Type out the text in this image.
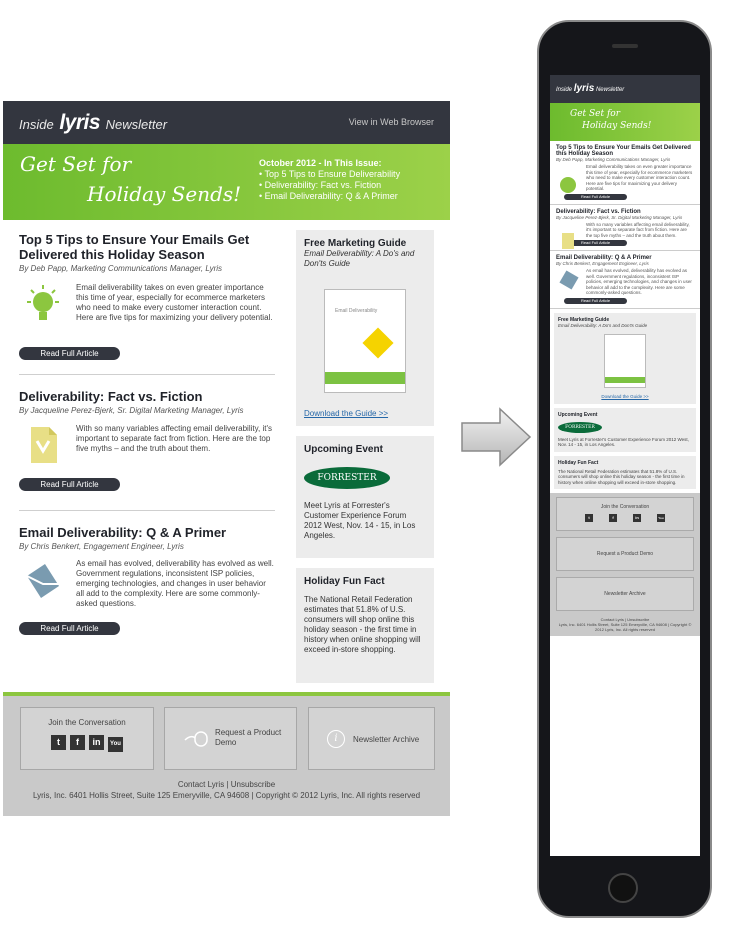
Inside lyris Newsletter	View in Web Browser
Get Set for
Holiday Sends!
October 2012 - In This Issue:
• Top 5 Tips to Ensure Deliverability
• Deliverability: Fact vs. Fiction
• Email Deliverability: Q & A Primer
Top 5 Tips to Ensure Your Emails Get Delivered this Holiday Season
By Deb Papp, Marketing Communications Manager, Lyris
Email deliverability takes on even greater importance this time of year, especially for ecommerce marketers who need to make every customer interaction count. Here are five tips for maximizing your delivery potential.
Read Full Article
Deliverability: Fact vs. Fiction
By Jacqueline Perez-Bjerk, Sr. Digital Marketing Manager, Lyris
With so many variables affecting email deliverability, it's important to separate fact from fiction. Here are the top five myths – and the truth about them.
Read Full Article
Email Deliverability: Q & A Primer
By Chris Benkert, Engagement Engineer, Lyris
As email has evolved, deliverability has evolved as well. Government regulations, inconsistent ISP policies, emerging technologies, and changes in user behavior all add to the complexity. Here are some commonly-asked questions.
Read Full Article
Free Marketing Guide
Email Deliverability: A Do's and Don'ts Guide
Email Deliverability
Download the Guide >>
Upcoming Event
FORRESTER

Meet Lyris at Forrester's Customer Experience Forum 2012 West, Nov. 14 - 15, in Los Angeles.

Holiday Fun Fact

The National Retail Federation estimates that 51.8% of U.S. consumers will shop online this holiday season - the first time in history when online shopping will exceed in-store shopping.

Join the Conversation
t f in You
Request a Product Demo	i	Newsletter Archive
Contact Lyris | Unsubscribe
Lyris, Inc. 6401 Hollis Street, Suite 125 Emeryville, CA 94608 | Copyright © 2012 Lyris, Inc. All rights reserved
Inside lyris Newsletter
Get Set for
Holiday Sends!
Top 5 Tips to Ensure Your Emails Get Delivered this Holiday Season
By Deb Papp, Marketing Communications Manager, Lyris
Email deliverability takes on even greater importance this time of year, especially for ecommerce marketers who need to make every customer interaction count. Here are five tips for maximizing your delivery potential.
Read Full Article
Deliverability: Fact vs. Fiction
By Jacqueline Perez-Bjerk, Sr. Digital Marketing Manager, Lyris
With so many variables affecting email deliverability, it's important to separate fact from fiction. Here are the top five myths – and the truth about them.
Read Full Article
Email Deliverability: Q & A Primer
By Chris Benkert, Engagement Engineer, Lyris
As email has evolved, deliverability has evolved as well. Government regulations, inconsistent ISP policies, emerging technologies, and changes in user behavior all add to the complexity. Here are some commonly-asked questions.
Read Full Article
Free Marketing Guide

Email Deliverability: A Do's and Don'ts Guide

Download the Guide >>

Upcoming Event
FORRESTER

Meet Lyris at Forrester's Customer Experience Forum 2012 West, Nov. 14 - 15, in Los Angeles.

Holiday Fun Fact

The National Retail Federation estimates that 51.8% of U.S. consumers will shop online this holiday season - the first time in history when online shopping will exceed in-store shopping.

Join the Conversation
t	f	in	You
Request a Product Demo
Newsletter Archive
Contact Lyris | Unsubscribe
Lyris, Inc. 6401 Hollis Street, Suite 125 Emeryville, CA 94608 | Copyright © 2012 Lyris, Inc. All rights reserved
